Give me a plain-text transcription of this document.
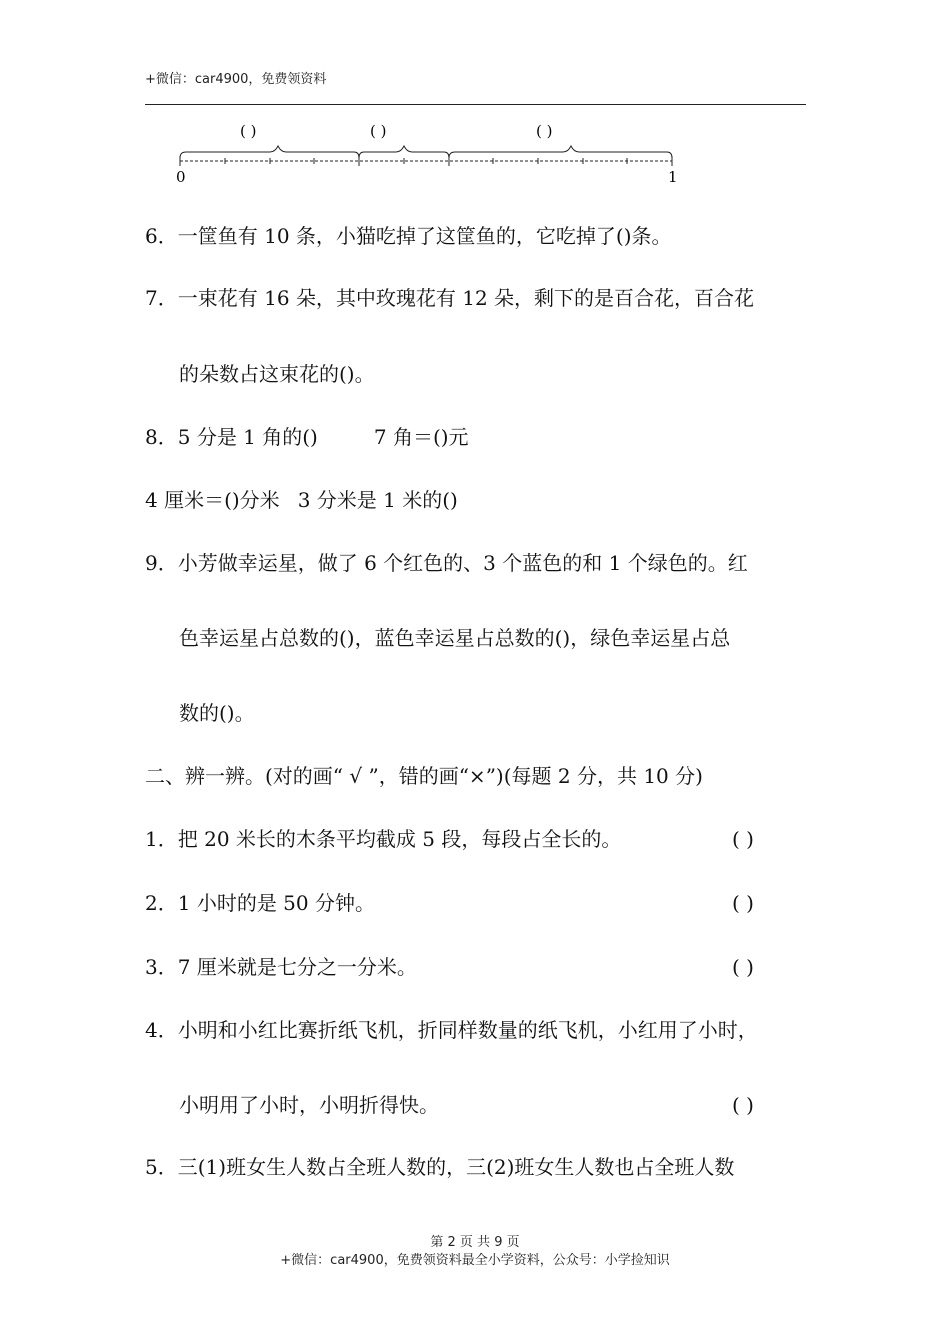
+微信：car4900，免费领资料
( )	( )	( )
0	1
6．一筐鱼有 10 条，小猫吃掉了这筐鱼的，它吃掉了()条。
7．一束花有 16 朵，其中玫瑰花有 12 朵，剩下的是百合花，百合花
的朵数占这束花的()。
8．5 分是 1 角的()	7 角＝()元
4 厘米＝()分米 3 分米是 1 米的()
9．小芳做幸运星，做了 6 个红色的、3 个蓝色的和 1 个绿色的。红
色幸运星占总数的()，蓝色幸运星占总数的()，绿色幸运星占总
数的()。
二、辨一辨。(对的画“ √ ”，错的画“×”)(每题 2 分，共 10 分)
1．把 20 米长的木条平均截成 5 段，每段占全长的。	( )
2．1 小时的是 50 分钟。	( )
3．7 厘米就是七分之一分米。	( )
4．小明和小红比赛折纸飞机，折同样数量的纸飞机，小红用了小时，
小明用了小时，小明折得快。	( )
5．三(1)班女生人数占全班人数的，三(2)班女生人数也占全班人数
第 2 页 共 9 页
+微信：car4900，免费领资料最全小学资料，公众号：小学捡知识
